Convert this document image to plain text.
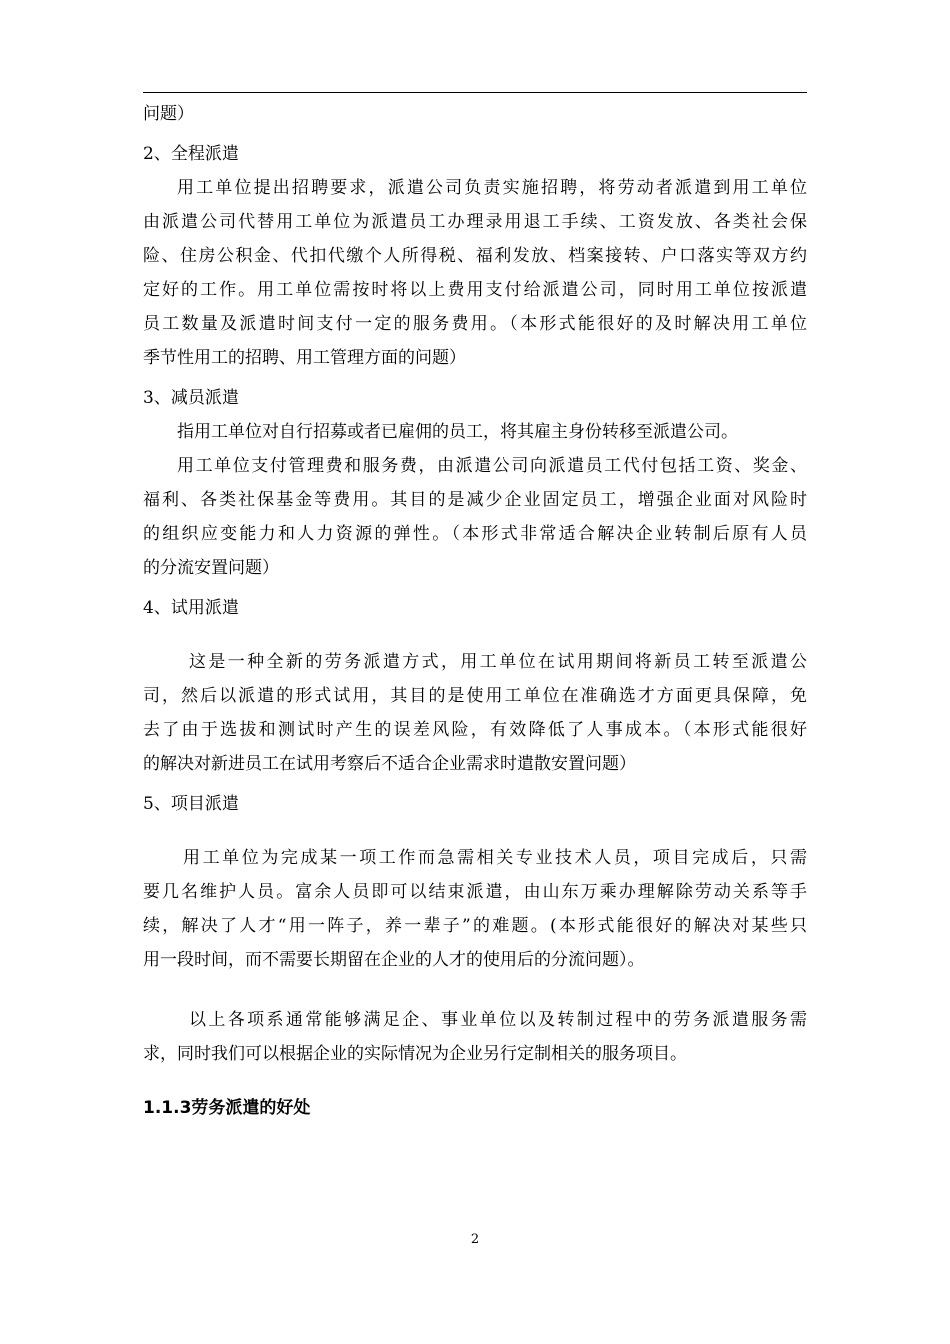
问题）

2、全程派遣

用工单位提出招聘要求，派遣公司负责实施招聘，将劳动者派遣到用工单位

由派遣公司代替用工单位为派遣员工办理录用退工手续、工资发放、各类社会保

险、住房公积金、代扣代缴个人所得税、福利发放、档案接转、户口落实等双方约

定好的工作。用工单位需按时将以上费用支付给派遣公司，同时用工单位按派遣

员工数量及派遣时间支付一定的服务费用。（本形式能很好的及时解决用工单位

季节性用工的招聘、用工管理方面的问题）

3、减员派遣

指用工单位对自行招募或者已雇佣的员工，将其雇主身份转移至派遣公司。

用工单位支付管理费和服务费，由派遣公司向派遣员工代付包括工资、奖金、

福利、各类社保基金等费用。其目的是减少企业固定员工，增强企业面对风险时

的组织应变能力和人力资源的弹性。（本形式非常适合解决企业转制后原有人员

的分流安置问题）

4、试用派遣

这是一种全新的劳务派遣方式，用工单位在试用期间将新员工转至派遣公

司，然后以派遣的形式试用，其目的是使用工单位在准确选才方面更具保障，免

去了由于选拔和测试时产生的误差风险，有效降低了人事成本。（本形式能很好

的解决对新进员工在试用考察后不适合企业需求时遣散安置问题）

5、项目派遣

用工单位为完成某一项工作而急需相关专业技术人员，项目完成后，只需

要几名维护人员。富余人员即可以结束派遣，由山东万乘办理解除劳动关系等手

续，解决了人才“用一阵子，养一辈子”的难题。(本形式能很好的解决对某些只

用一段时间，而不需要长期留在企业的人才的使用后的分流问题）。

以上各项系通常能够满足企、事业单位以及转制过程中的劳务派遣服务需

求，同时我们可以根据企业的实际情况为企业另行定制相关的服务项目。

1.1.3劳务派遣的好处

2
